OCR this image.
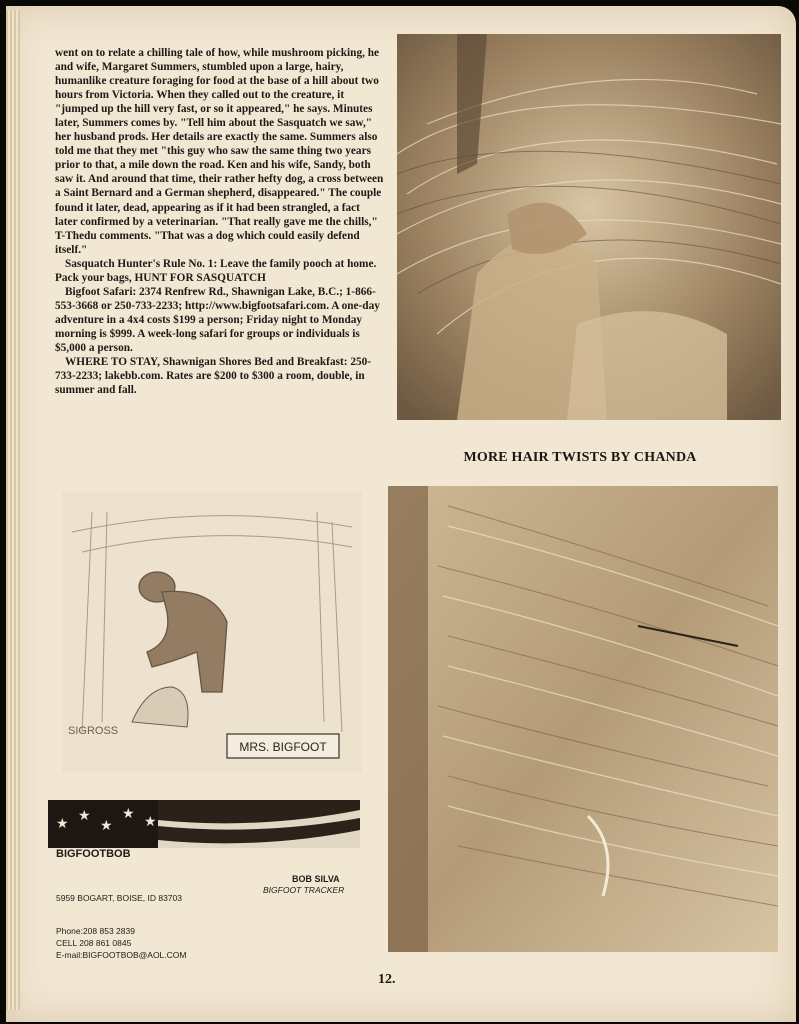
went on to relate a chilling tale of how, while mushroom picking, he and wife, Margaret Summers, stumbled upon a large, hairy, humanlike creature foraging for food at the base of a hill about two hours from Victoria. When they called out to the creature, it "jumped up the hill very fast, or so it appeared," he says. Minutes later, Summers comes by. "Tell him about the Sasquatch we saw," her husband prods. Her details are exactly the same. Summers also told me that they met "this guy who saw the same thing two years prior to that, a mile down the road. Ken and his wife, Sandy, both saw it. And around that time, their rather hefty dog, a cross between a Saint Bernard and a German shepherd, disappeared." The couple found it later, dead, appearing as if it had been strangled, a fact later confirmed by a veterinarian. "That really gave me the chills," T-Thedu comments. "That was a dog which could easily defend itself."

Sasquatch Hunter's Rule No. 1: Leave the family pooch at home. Pack your bags, HUNT FOR SASQUATCH

Bigfoot Safari: 2374 Renfrew Rd., Shawnigan Lake, B.C.; 1-866-553-3668 or 250-733-2233; http://www.bigfootsafari.com. A one-day adventure in a 4x4 costs $199 a person; Friday night to Monday morning is $999. A week-long safari for groups or individuals is $5,000 a person.

WHERE TO STAY, Shawnigan Shores Bed and Breakfast: 250-733-2233; lakebb.com. Rates are $200 to $300 a room, double, in summer and fall.

MORE HAIR TWISTS BY CHANDA
MRS. BIGFOOT
SIGROSS
★ ★
★
★ ★
BIGFOOTBOB
BOB SILVA
BIGFOOT TRACKER
5959 BOGART, BOISE, ID 83703
Phone:208 853 2839
CELL 208 861 0845
E-mail:BIGFOOTBOB@AOL.COM
12.
